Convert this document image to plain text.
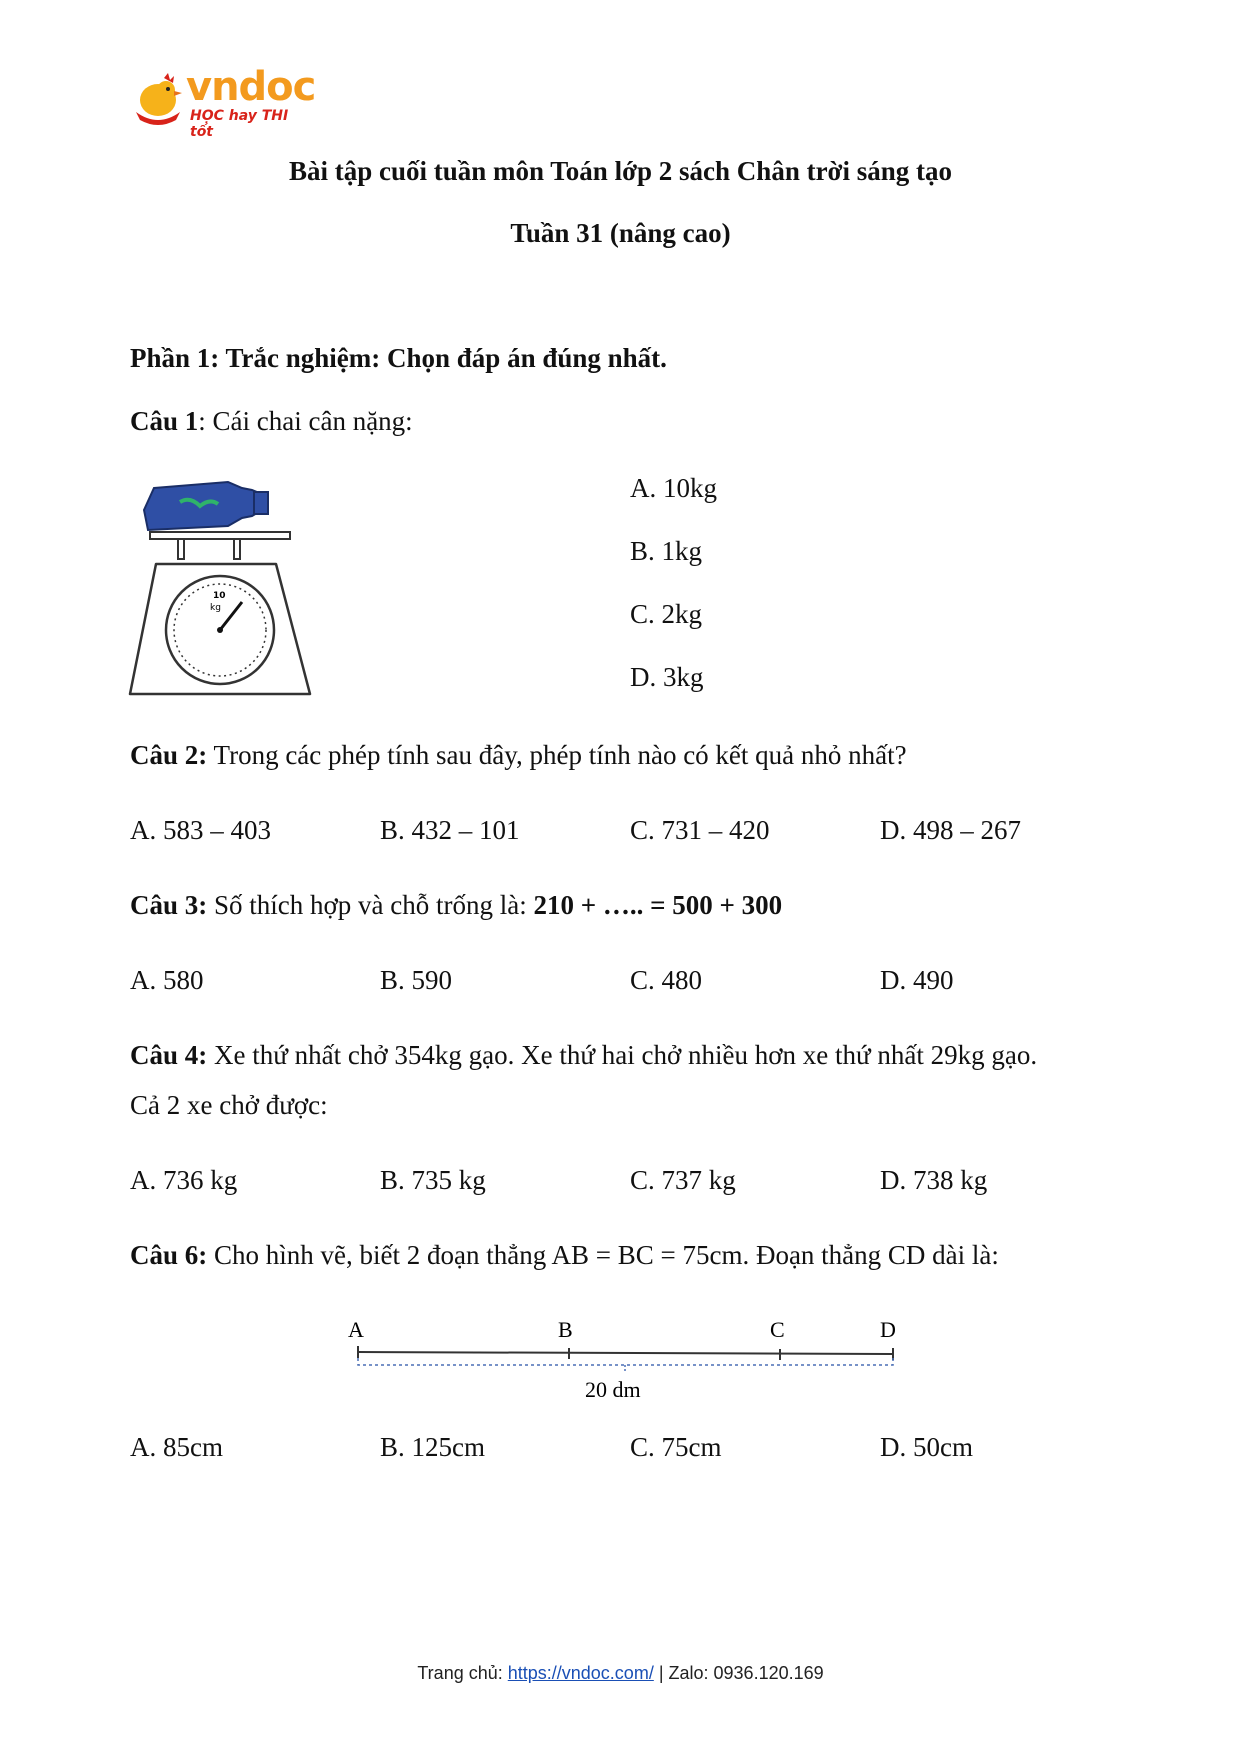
vndoc
HỌC hay THI tốt
Bài tập cuối tuần môn Toán lớp 2 sách Chân trời sáng tạo
Tuần 31 (nâng cao)
Phần 1: Trắc nghiệm: Chọn đáp án đúng nhất.
Câu 1: Cái chai cân nặng:
10
kg
A. 10kg
B. 1kg
C. 2kg
D. 3kg
Câu 2: Trong các phép tính sau đây, phép tính nào có kết quả nhỏ nhất?
A. 583 – 403	B. 432 – 101	C. 731 – 420	D. 498 – 267
Câu 3: Số thích hợp và chỗ trống là: 210 + ….. = 500 + 300
A. 580	B. 590	C. 480	D. 490
Câu 4: Xe thứ nhất chở 354kg gạo. Xe thứ hai chở nhiều hơn xe thứ nhất 29kg gạo.
Cả 2 xe chở được:
A. 736 kg	B. 735 kg	C. 737 kg	D. 738 kg
Câu 6: Cho hình vẽ, biết 2 đoạn thẳng AB = BC = 75cm. Đoạn thẳng CD dài là:
A	B	C	D
20 dm
A. 85cm	B. 125cm	C. 75cm	D. 50cm
Trang chủ: https://vndoc.com/ | Zalo: 0936.120.169
